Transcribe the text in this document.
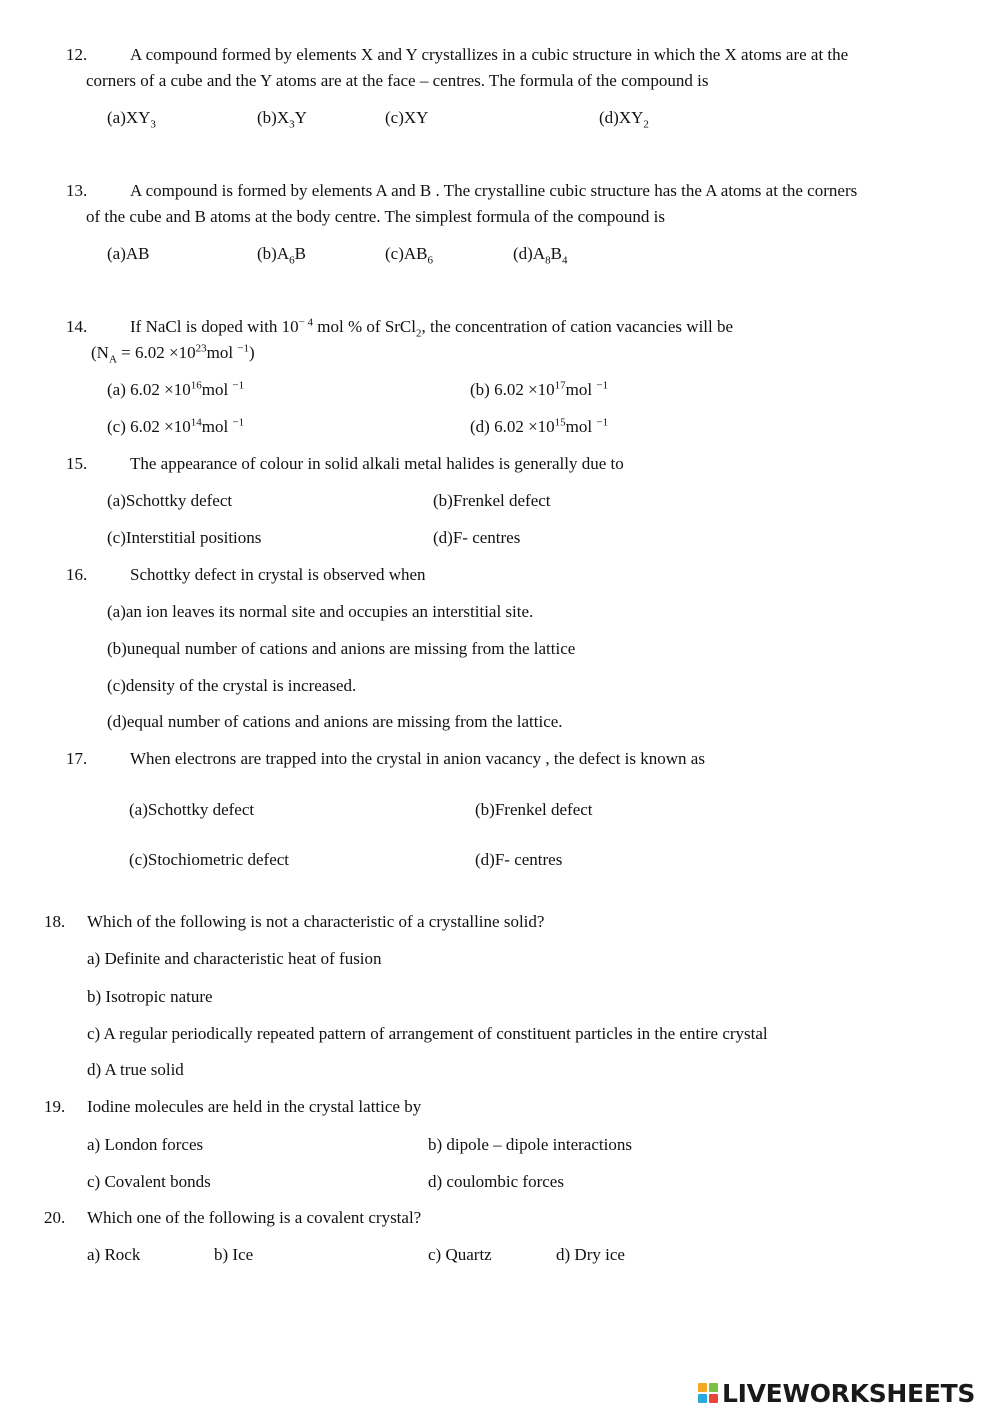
12.	A compound formed by elements X and Y crystallizes in a cubic structure in which the X atoms are at the
corners of a cube and the Y atoms are at the face – centres. The formula of the compound is
$(a)XY_3$	$(b)X_3Y$	(c)XY	$(d)XY_2$
13.	A compound is formed by elements A and B . The crystalline cubic structure has the A atoms at the corners
of the cube and B atoms at the body centre. The simplest formula of the compound is
(a)AB	$(b)A_6B$	$(c)AB_6$	$(d)A_8B_4$
14.	If NaCl is doped with $10^{- 4}$ mol % of SrCl$_2$, the concentration of cation vacancies will be
($N_A = 6.02 \times 10^{23}mol$ $^{-1}$)
(a) $6.02 \times 10^{16}mol$ $^{-1}$	(b) $6.02 \times 10^{17}mol$ $^{-1}$
(c) $6.02 \times 10^{14}mol$ $^{-1}$	(d) $6.02 \times 10^{15}mol$ $^{-1}$
15.	The appearance of colour in solid alkali metal halides is generally due to
(a)Schottky defect	(b)Frenkel defect
(c)Interstitial positions	(d)F- centres
16.	Schottky defect in crystal is observed when
(a)an ion leaves its normal site and occupies an interstitial site.
(b)unequal number of cations and anions are missing from the lattice
(c)density of the crystal is increased.
(d)equal number of cations and anions are missing from the lattice.
17.	When electrons are trapped into the crystal in anion vacancy , the defect is known as
(a)Schottky defect	(b)Frenkel defect
(c)Stochiometric defect	(d)F- centres
18. Which of the following is not a characteristic of a crystalline solid?
a) Definite and characteristic heat of fusion
b) Isotropic nature
c) A regular periodically repeated pattern of arrangement of constituent particles in the entire crystal
d) A true solid
19. Iodine molecules are held in the crystal lattice by
a) London forces	b) dipole – dipole interactions
c) Covalent bonds	d) coulombic forces
20. Which one of the following is a covalent crystal?
a) Rock	b) Ice	c) Quartz	d) Dry ice
LIVEWORKSHEETS
